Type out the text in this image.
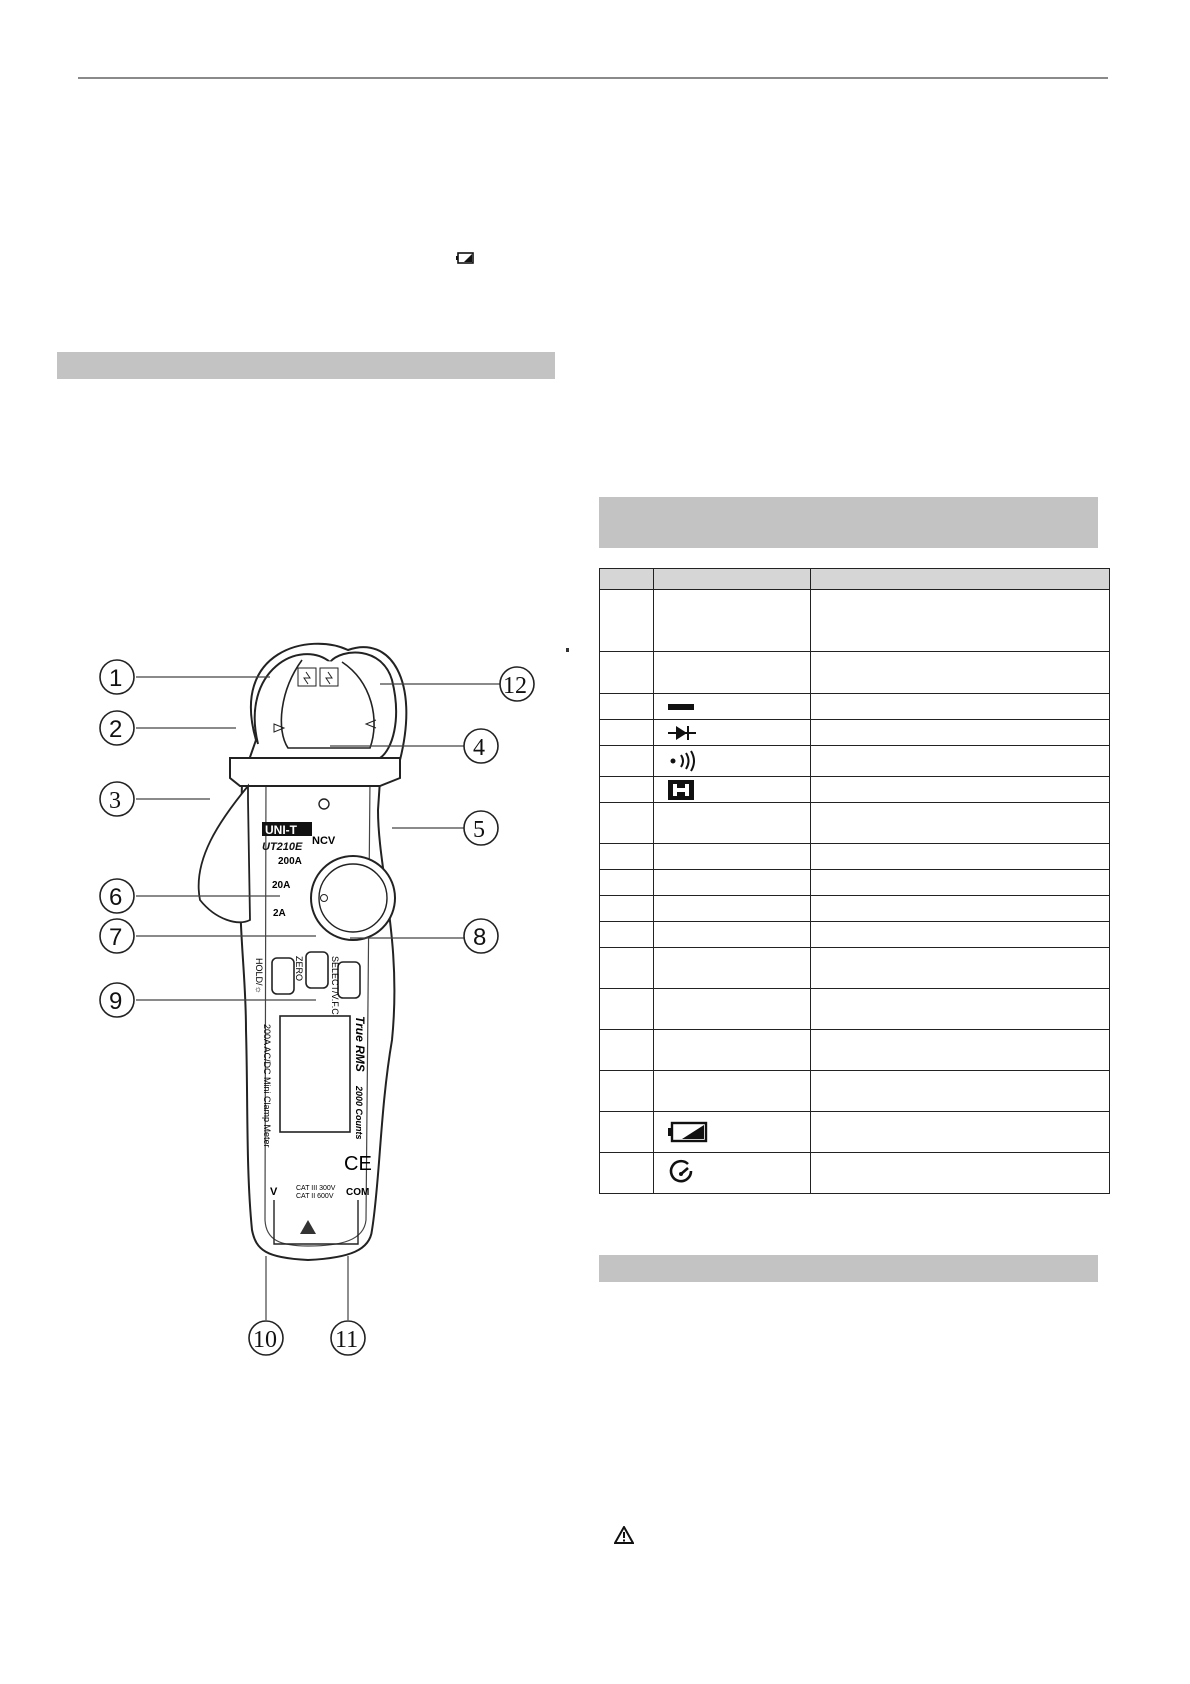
UNI-T
UT210E NCV
200A
20A
2A
HOLD/☼	ZERO	SELECT/V.F.C
200A AC/DC Mini Clamp Meter	True RMS
2000 Counts
CE
V	COM
CAT III 300V
CAT II 600V
1
2
3
4
5
6
7	8
9
10 11
12
